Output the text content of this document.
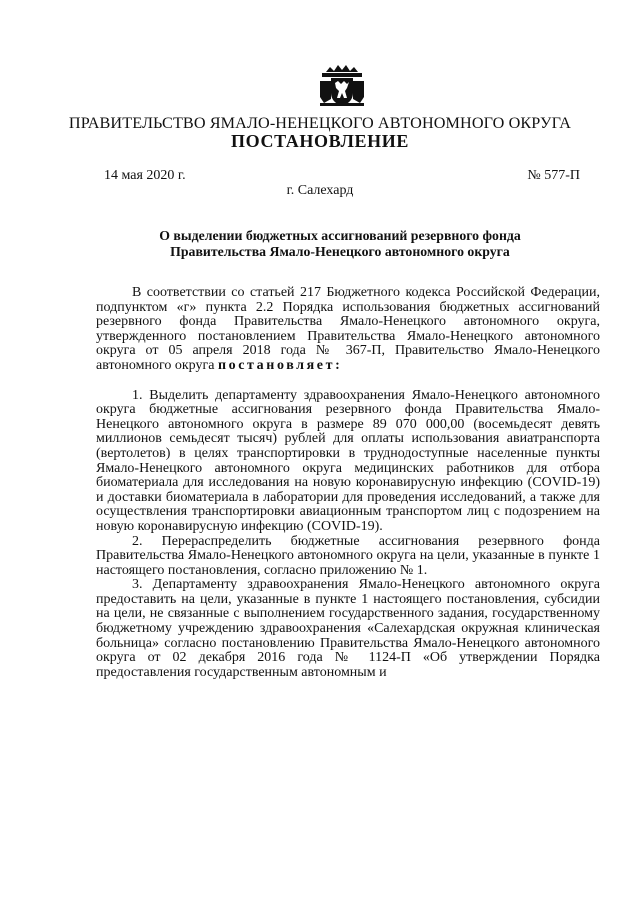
ПРАВИТЕЛЬСТВО ЯМАЛО-НЕНЕЦКОГО АВТОНОМНОГО ОКРУГА
ПОСТАНОВЛЕНИЕ
14 мая 2020 г.	№ 577-П
г. Салехард
О выделении бюджетных ассигнований резервного фонда
Правительства Ямало-Ненецкого автономного округа

В соответствии со статьей 217 Бюджетного кодекса Российской Федерации, подпунктом «г» пункта 2.2 Порядка использования бюджетных ассигнований резервного фонда Правительства Ямало-Ненецкого автономного округа, утвержденного постановлением Правительства Ямало-Ненецкого автономного округа от 05 апреля 2018 года № 367-П, Правительство Ямало-Ненецкого автономного округа постановляет:

1. Выделить департаменту здравоохранения Ямало-Ненецкого автономного округа бюджетные ассигнования резервного фонда Правительства Ямало-Ненецкого автономного округа в размере 89 070 000,00 (восемьдесят девять миллионов семьдесят тысяч) рублей для оплаты использования авиатранспорта (вертолетов) в целях транспортировки в труднодоступные населенные пункты Ямало-Ненецкого автономного округа медицинских работников для отбора биоматериала для исследования на новую коронавирусную инфекцию (COVID-19) и доставки биоматериала в лаборатории для проведения исследований, а также для осуществления транспортировки авиационным транспортом лиц с подозрением на новую коронавирусную инфекцию (COVID-19).

2. Перераспределить бюджетные ассигнования резервного фонда Правительства Ямало-Ненецкого автономного округа на цели, указанные в пункте 1 настоящего постановления, согласно приложению № 1.

3. Департаменту здравоохранения Ямало-Ненецкого автономного округа предоставить на цели, указанные в пункте 1 настоящего постановления, субсидии на цели, не связанные с выполнением государственного задания, государственному бюджетному учреждению здравоохранения «Салехардская окружная клиническая больница» согласно постановлению Правительства Ямало-Ненецкого автономного округа от 02 декабря 2016 года № 1124-П «Об утверждении Порядка предоставления государственным автономным и
